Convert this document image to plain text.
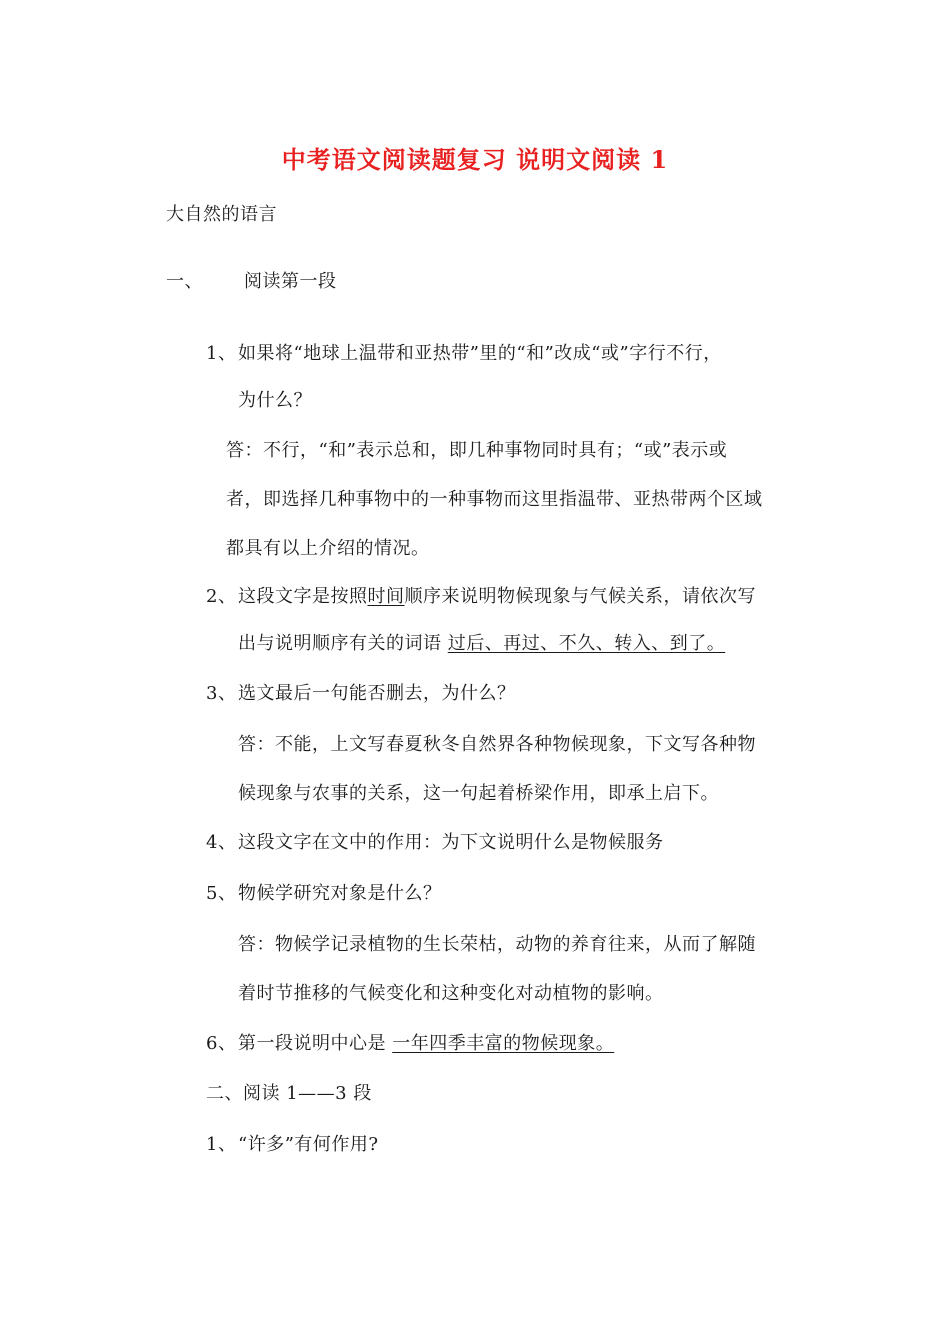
中考语文阅读题复习 说明文阅读 1
大自然的语言
一、 阅读第一段
1、 如果将“地球上温带和亚热带”里的“和”改成“或”字行不行，
为什么？
答：不行，“和”表示总和，即几种事物同时具有；“或”表示或
者，即选择几种事物中的一种事物而这里指温带、亚热带两个区域
都具有以上介绍的情况。
2、 这段文字是按照时间顺序来说明物候现象与气候关系，请依次写
出与说明顺序有关的词语 过后、再过、不久、转入、到了。
3、 选文最后一句能否删去，为什么？
答：不能，上文写春夏秋冬自然界各种物候现象，下文写各种物
候现象与农事的关系，这一句起着桥梁作用，即承上启下。
4、 这段文字在文中的作用：为下文说明什么是物候服务
5、 物候学研究对象是什么？
答：物候学记录植物的生长荣枯，动物的养育往来，从而了解随
着时节推移的气候变化和这种变化对动植物的影响。
6、 第一段说明中心是 一年四季丰富的物候现象。
二、阅读 1——3 段
1、 “许多”有何作用?
